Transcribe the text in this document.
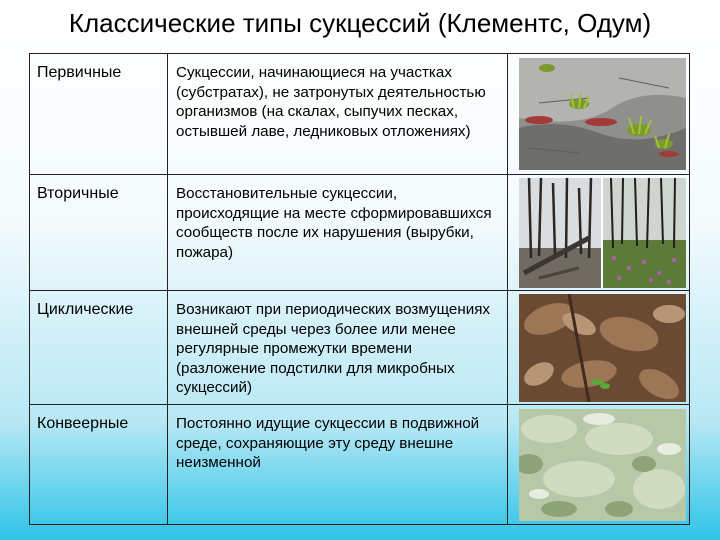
Классические типы сукцессий (Клементс, Одум)
Первичные	Сукцессии, начинающиеся на участках (субстратах), не затронутых деятельностью организмов (на скалах, сыпучих песках, остывшей лаве, ледниковых отложениях)
Вторичные	Восстановительные сукцессии, происходящие на месте сформировавшихся сообществ после их нарушения (вырубки, пожара)
Циклические	Возникают при периодических возмущениях внешней среды через более или менее регулярные промежутки времени (разложение подстилки для микробных сукцессий)
Конвеерные	Постоянно идущие сукцессии в подвижной среде, сохраняющие эту среду внешне неизменной
